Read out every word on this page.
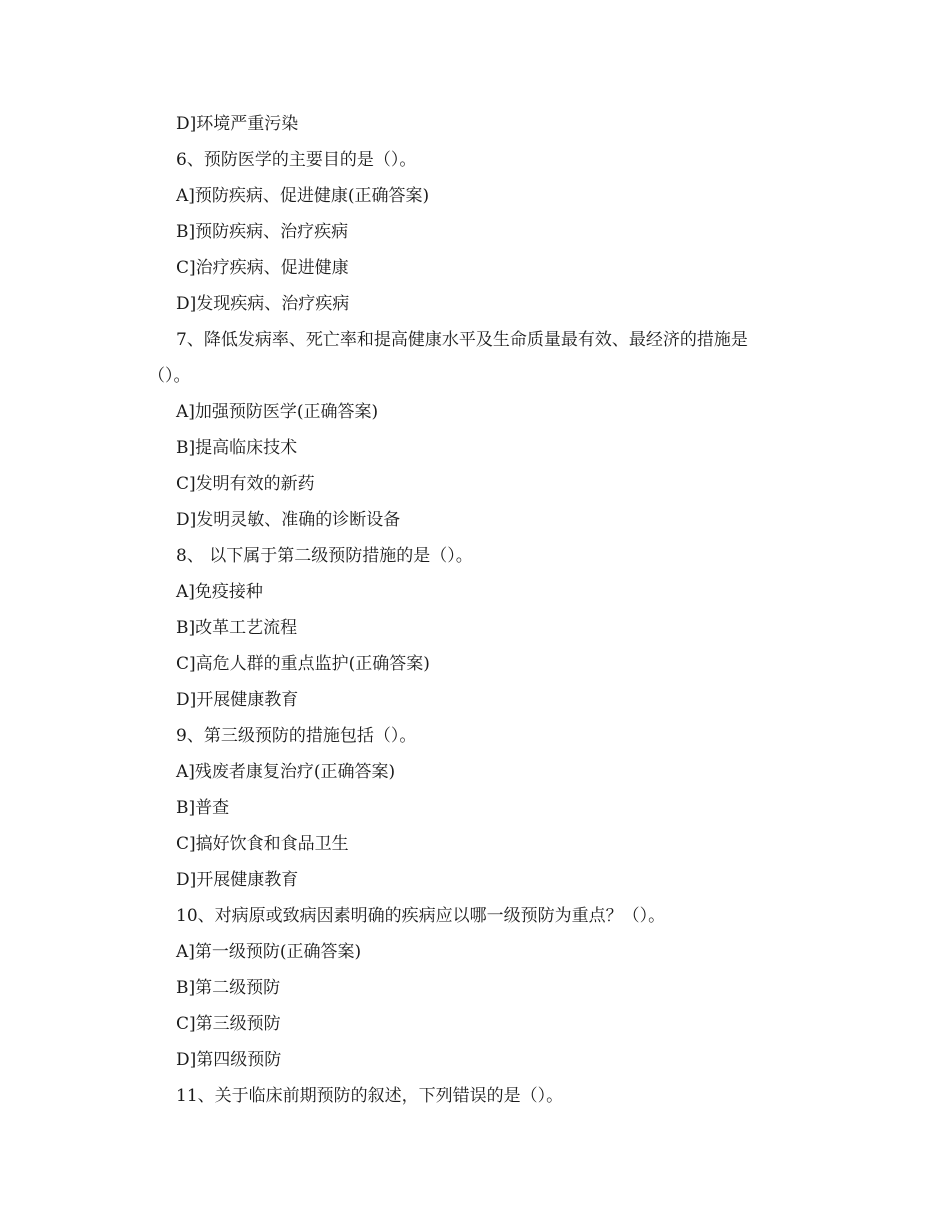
D]环境严重污染
6、预防医学的主要目的是（）。
A]预防疾病、促进健康(正确答案)
B]预防疾病、治疗疾病
C]治疗疾病、促进健康
D]发现疾病、治疗疾病
7、降低发病率、死亡率和提高健康水平及生命质量最有效、最经济的措施是
（）。
A]加强预防医学(正确答案)
B]提高临床技术
C]发明有效的新药
D]发明灵敏、准确的诊断设备
8、 以下属于第二级预防措施的是（）。
A]免疫接种
B]改革工艺流程
C]高危人群的重点监护(正确答案)
D]开展健康教育
9、第三级预防的措施包括（）。
A]残废者康复治疗(正确答案)
B]普查
C]搞好饮食和食品卫生
D]开展健康教育
10、对病原或致病因素明确的疾病应以哪一级预防为重点？（）。
A]第一级预防(正确答案)
B]第二级预防
C]第三级预防
D]第四级预防
11、关于临床前期预防的叙述，下列错误的是（）。
